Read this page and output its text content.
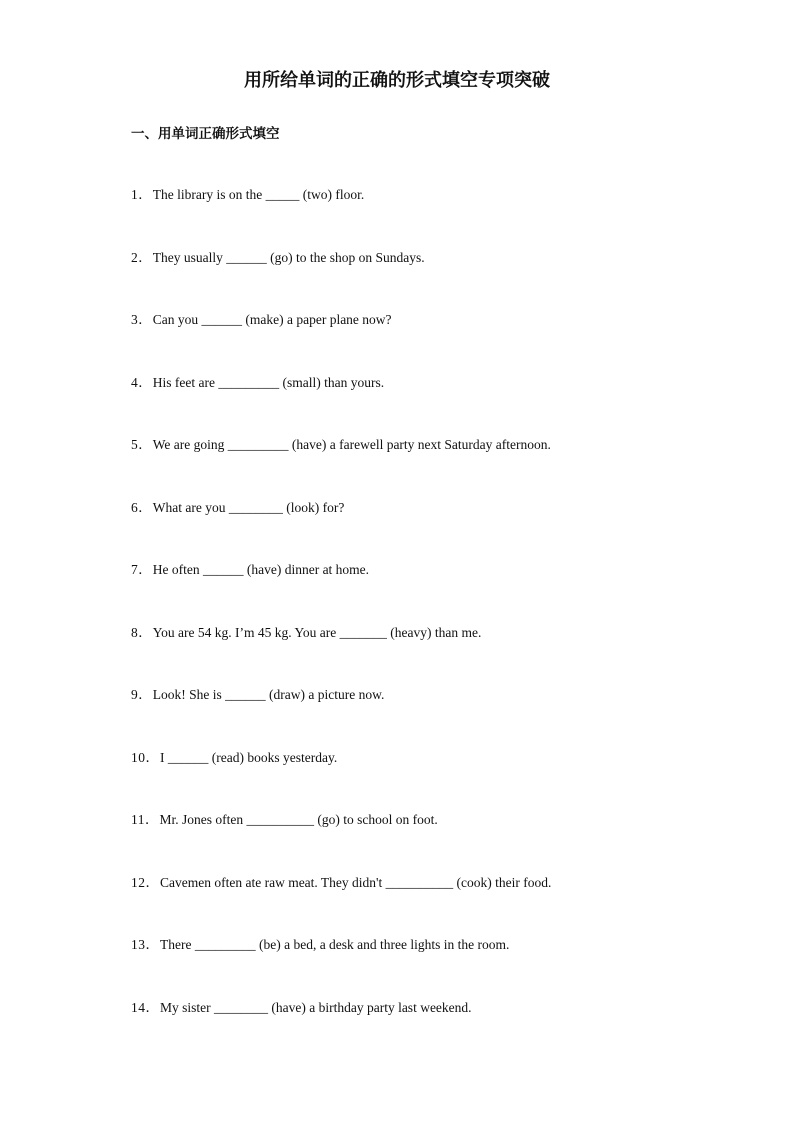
用所给单词的正确的形式填空专项突破
一、用单词正确形式填空
1．The library is on the _____ (two) floor.
2．They usually ______ (go) to the shop on Sundays.
3．Can you ______ (make) a paper plane now?
4．His feet are _________ (small) than yours.
5．We are going _________ (have) a farewell party next Saturday afternoon.
6．What are you ________ (look) for?
7．He often ______ (have) dinner at home.
8．You are 54 kg. I’m 45 kg. You are _______ (heavy) than me.
9．Look! She is ______ (draw) a picture now.
10．I ______ (read) books yesterday.
11．Mr. Jones often __________ (go) to school on foot.
12．Cavemen often ate raw meat. They didn't __________ (cook) their food.
13．There _________ (be) a bed, a desk and three lights in the room.
14．My sister ________ (have) a birthday party last weekend.
